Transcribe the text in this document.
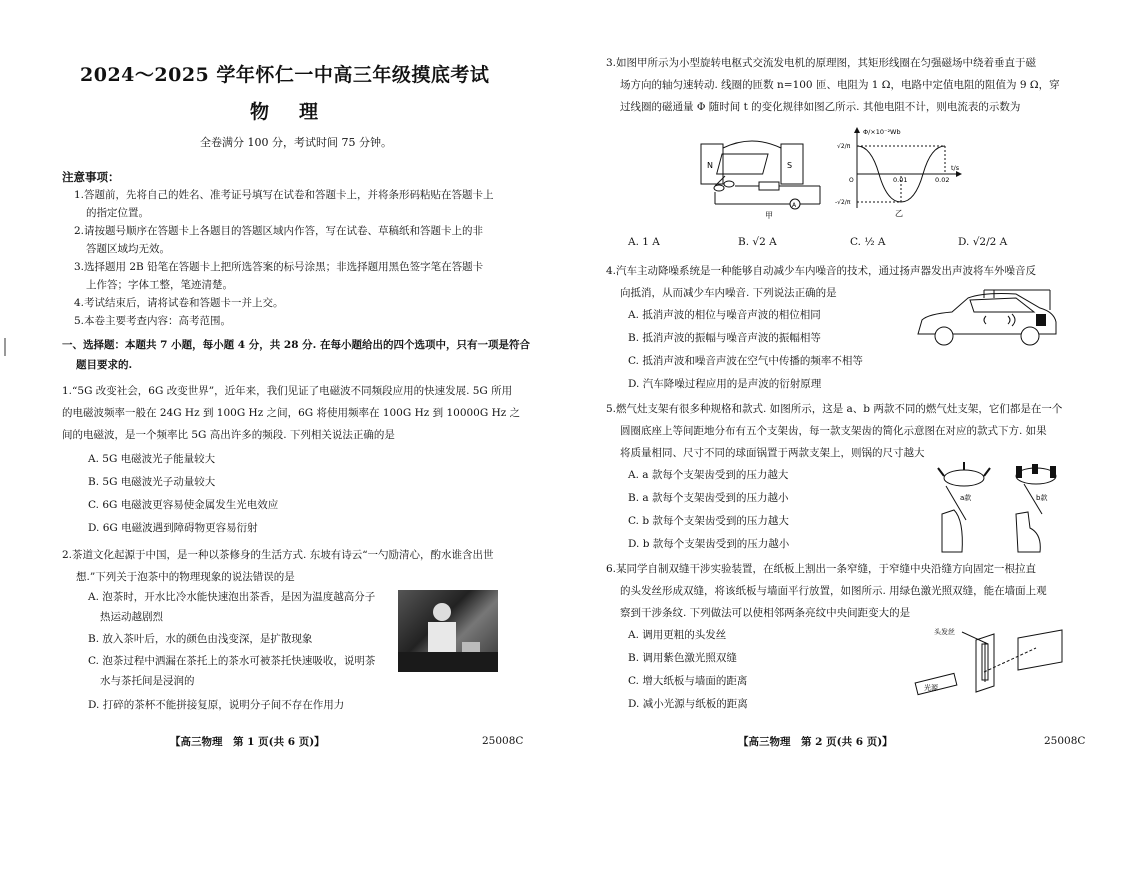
2024～2025 学年怀仁一中高三年级摸底考试
物理
全卷满分 100 分，考试时间 75 分钟。
注意事项：
1.答题前，先将自己的姓名、准考证号填写在试卷和答题卡上，并将条形码粘贴在答题卡上
的指定位置。
2.请按题号顺序在答题卡上各题目的答题区域内作答，写在试卷、草稿纸和答题卡上的非
答题区域均无效。
3.选择题用 2B 铅笔在答题卡上把所选答案的标号涂黑；非选择题用黑色签字笔在答题卡
上作答；字体工整，笔迹清楚。
4.考试结束后，请将试卷和答题卡一并上交。
5.本卷主要考查内容：高考范围。
一、选择题：本题共 7 小题，每小题 4 分，共 28 分. 在每小题给出的四个选项中，只有一项是符合
题目要求的.
1.“5G 改变社会，6G 改变世界”，近年来，我们见证了电磁波不同频段应用的快速发展. 5G 所用
的电磁波频率一般在 24G Hz 到 100G Hz 之间，6G 将使用频率在 100G Hz 到 10000G Hz 之
间的电磁波，是一个频率比 5G 高出许多的频段. 下列相关说法正确的是
A. 5G 电磁波光子能量较大
B. 5G 电磁波光子动量较大
C. 6G 电磁波更容易使金属发生光电效应
D. 6G 电磁波遇到障碍物更容易衍射
2.茶道文化起源于中国，是一种以茶修身的生活方式. 东坡有诗云“一勺励清心，酌水谁含出世
想.”下列关于泡茶中的物理现象的说法错误的是
A. 泡茶时，开水比冷水能快速泡出茶香，是因为温度越高分子
热运动越剧烈
B. 放入茶叶后，水的颜色由浅变深，是扩散现象
C. 泡茶过程中洒漏在茶托上的茶水可被茶托快速吸收，说明茶
水与茶托间是浸润的
D. 打碎的茶杯不能拼接复原，说明分子间不存在作用力
【高三物理　第 1 页(共 6 页)】	25008C
3.如图甲所示为小型旋转电枢式交流发电机的原理图，其矩形线圈在匀强磁场中绕着垂直于磁
场方向的轴匀速转动. 线圈的匝数 n=100 匝、电阻为 1 Ω，电路中定值电阻的阻值为 9 Ω，穿
过线圈的磁通量 Φ 随时间 t 的变化规律如图乙所示. 其他电阻不计，则电流表的示数为
N	S
A
甲
Φ/×10⁻²Wb
√2/π
-√2/π
O	0.01	0.02
t/s
乙
A. 1 A	B. √2 A	C. ½ A	D. √2/2 A
4.汽车主动降噪系统是一种能够自动减少车内噪音的技术，通过扬声器发出声波将车外噪音反
向抵消，从而减少车内噪音. 下列说法正确的是
A. 抵消声波的相位与噪音声波的相位相同
B. 抵消声波的振幅与噪音声波的振幅相等
C. 抵消声波和噪音声波在空气中传播的频率不相等
D. 汽车降噪过程应用的是声波的衍射原理
5.燃气灶支架有很多种规格和款式. 如图所示，这是 a、b 两款不同的燃气灶支架，它们都是在一个
圆圈底座上等间距地分布有五个支架齿，每一款支架齿的简化示意图在对应的款式下方. 如果
将质量相同、尺寸不同的球面锅置于两款支架上，则锅的尺寸越大
A. a 款每个支架齿受到的压力越大
B. a 款每个支架齿受到的压力越小
C. b 款每个支架齿受到的压力越大
D. b 款每个支架齿受到的压力越小
a款	b款
6.某同学自制双缝干涉实验装置，在纸板上割出一条窄缝，于窄缝中央沿缝方向固定一根拉直
的头发丝形成双缝，将该纸板与墙面平行放置，如图所示. 用绿色激光照双缝，能在墙面上观
察到干涉条纹. 下列做法可以使相邻两条亮纹中央间距变大的是
A. 调用更粗的头发丝
B. 调用紫色激光照双缝
C. 增大纸板与墙面的距离
D. 减小光源与纸板的距离
头发丝
光源
【高三物理　第 2 页(共 6 页)】	25008C
